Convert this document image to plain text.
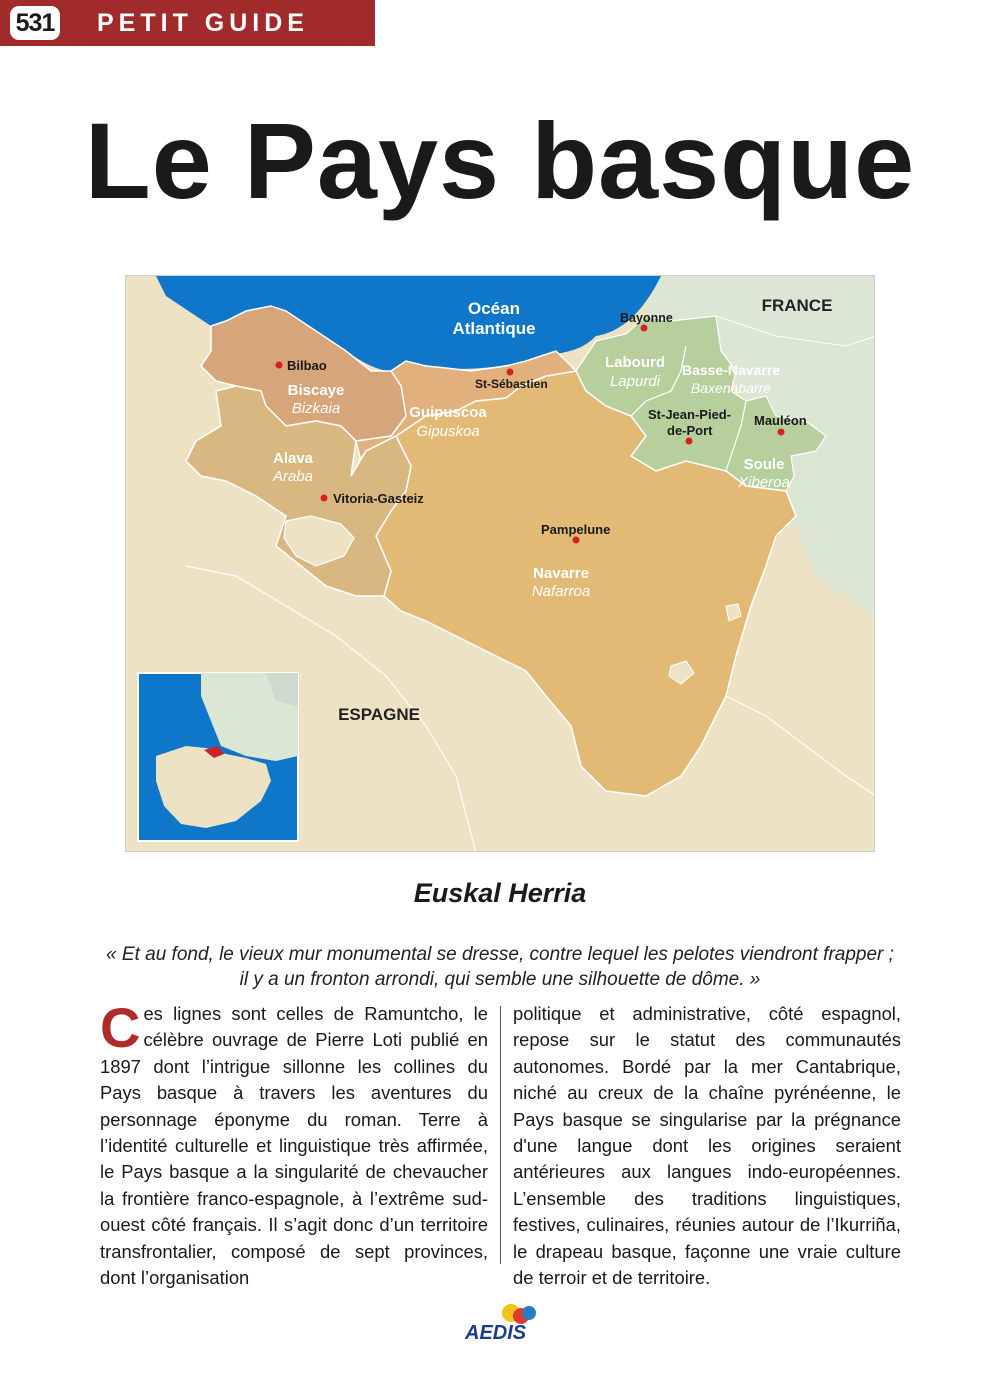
531 PETIT GUIDE
Le Pays basque
Océan
Atlantique
FRANCE
ESPAGNE
Bilbao
Bayonne
St-Sébastien
Vitoria-Gasteiz
Pampelune
Mauléon
St-Jean-Pied-
de-Port
Biscaye
Bizkaia	Guipuscoa
Gipuskoa
Alava
Araba
Navarre
Nafarroa
Labourd
Lapurdi
Basse-Navarre
Baxenabarre
Soule
Xiberoa
Euskal Herria
« Et au fond, le vieux mur monumental se dresse, contre lequel les pelotes viendront frapper ;
il y a un fronton arrondi, qui semble une silhouette de dôme. »
Ces lignes sont celles de Ramuntcho, le célèbre ouvrage de Pierre Loti publié en 1897 dont l’intrigue sillonne les collines du Pays basque à travers les aventures du personnage éponyme du roman. Terre à l’identité culturelle et linguistique très affirmée, le Pays basque a la singularité de chevaucher la frontière franco-espagnole, à l’extrême sud-ouest côté français. Il s’agit donc d’un territoire transfrontalier, composé de sept provinces, dont l’organisation
politique et administrative, côté espagnol, repose sur le statut des communautés autonomes. Bordé par la mer Cantabrique, niché au creux de la chaîne pyrénéenne, le Pays basque se singularise par la prégnance d'une langue dont les origines seraient antérieures aux langues indo-européennes. L’ensemble des traditions linguistiques, festives, culinaires, réunies autour de l’Ikurriña, le drapeau basque, façonne une vraie culture de terroir et de territoire.
AEDIS
